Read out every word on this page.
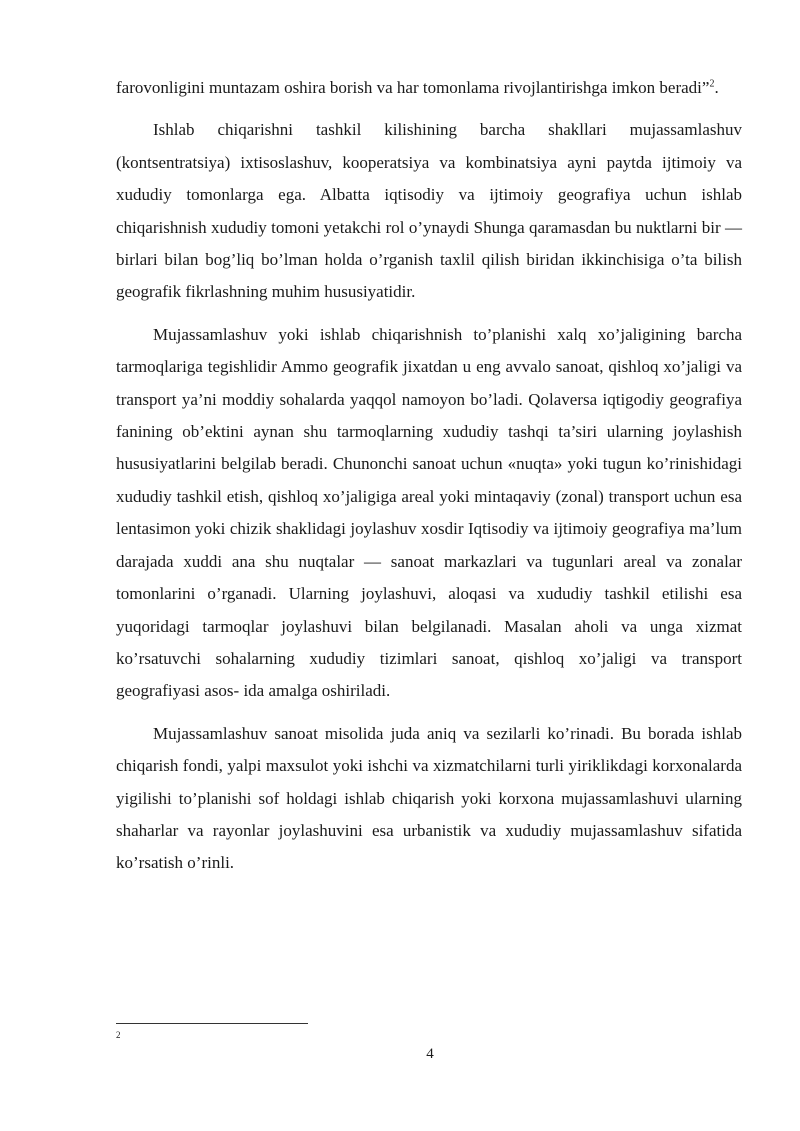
farovonligini muntazam oshira borish va har tomonlama rivojlantirishga imkon beradi”$^2$.

Ishlab chiqarishni tashkil kilishining barcha shakllari mujassamlashuv (kontsentratsiya) ixtisoslashuv, kooperatsiya va kombinatsiya ayni paytda ijtimoiy va xududiy tomonlarga ega. Albatta iqtisodiy va ijtimoiy geografiya uchun ishlab chiqarishnish xududiy tomoni yetakchi rol o’ynaydi Shunga qaramasdan bu nuktlarni bir — birlari bilan bog’liq bo’lman holda o’rganish taxlil qilish biridan ikkinchisiga o’ta bilish geografik fikrlashning muhim hususiyatidir.

Mujassamlashuv yoki ishlab chiqarishnish to’planishi xalq xo’jaligining barcha tarmoqlariga tegishlidir Ammo geografik jixatdan u eng avvalo sanoat, qishloq xo’jaligi va transport ya’ni moddiy sohalarda yaqqol namoyon bo’ladi. Qolaversa iqtigodiy geografiya fanining ob’ektini aynan shu tarmoqlarning xududiy tashqi ta’siri ularning joylashish hususiyatlarini belgilab beradi. Chunonchi sanoat uchun «nuqta» yoki tugun ko’rinishidagi xududiy tashkil etish, qishloq xo’jaligiga areal yoki mintaqaviy (zonal) transport uchun esa lentasimon yoki chizik shaklidagi joylashuv xosdir Iqtisodiy va ijtimoiy geografiya ma’lum darajada xuddi ana shu nuqtalar — sanoat markazlari va tugunlari areal va zonalar tomonlarini o’rganadi. Ularning joylashuvi, aloqasi va xududiy tashkil etilishi esa yuqoridagi tarmoqlar joylashuvi bilan belgilanadi. Masalan aholi va unga xizmat ko’rsatuvchi sohalarning xududiy tizimlari sanoat, qishloq xo’jaligi va transport geografiyasi asos- ida amalga oshiriladi.

Mujassamlashuv sanoat misolida juda aniq va sezilarli ko’rinadi. Bu borada ishlab chiqarish fondi, yalpi maxsulot yoki ishchi va xizmatchilarni turli yiriklikdagi korxonalarda yigilishi to’planishi sof holdagi ishlab chiqarish yoki korxona mujassamlashuvi ularning shaharlar va rayonlar joylashuvini esa urbanistik va xududiy mujassamlashuv sifatida ko’rsatish o’rinli.

2
4
